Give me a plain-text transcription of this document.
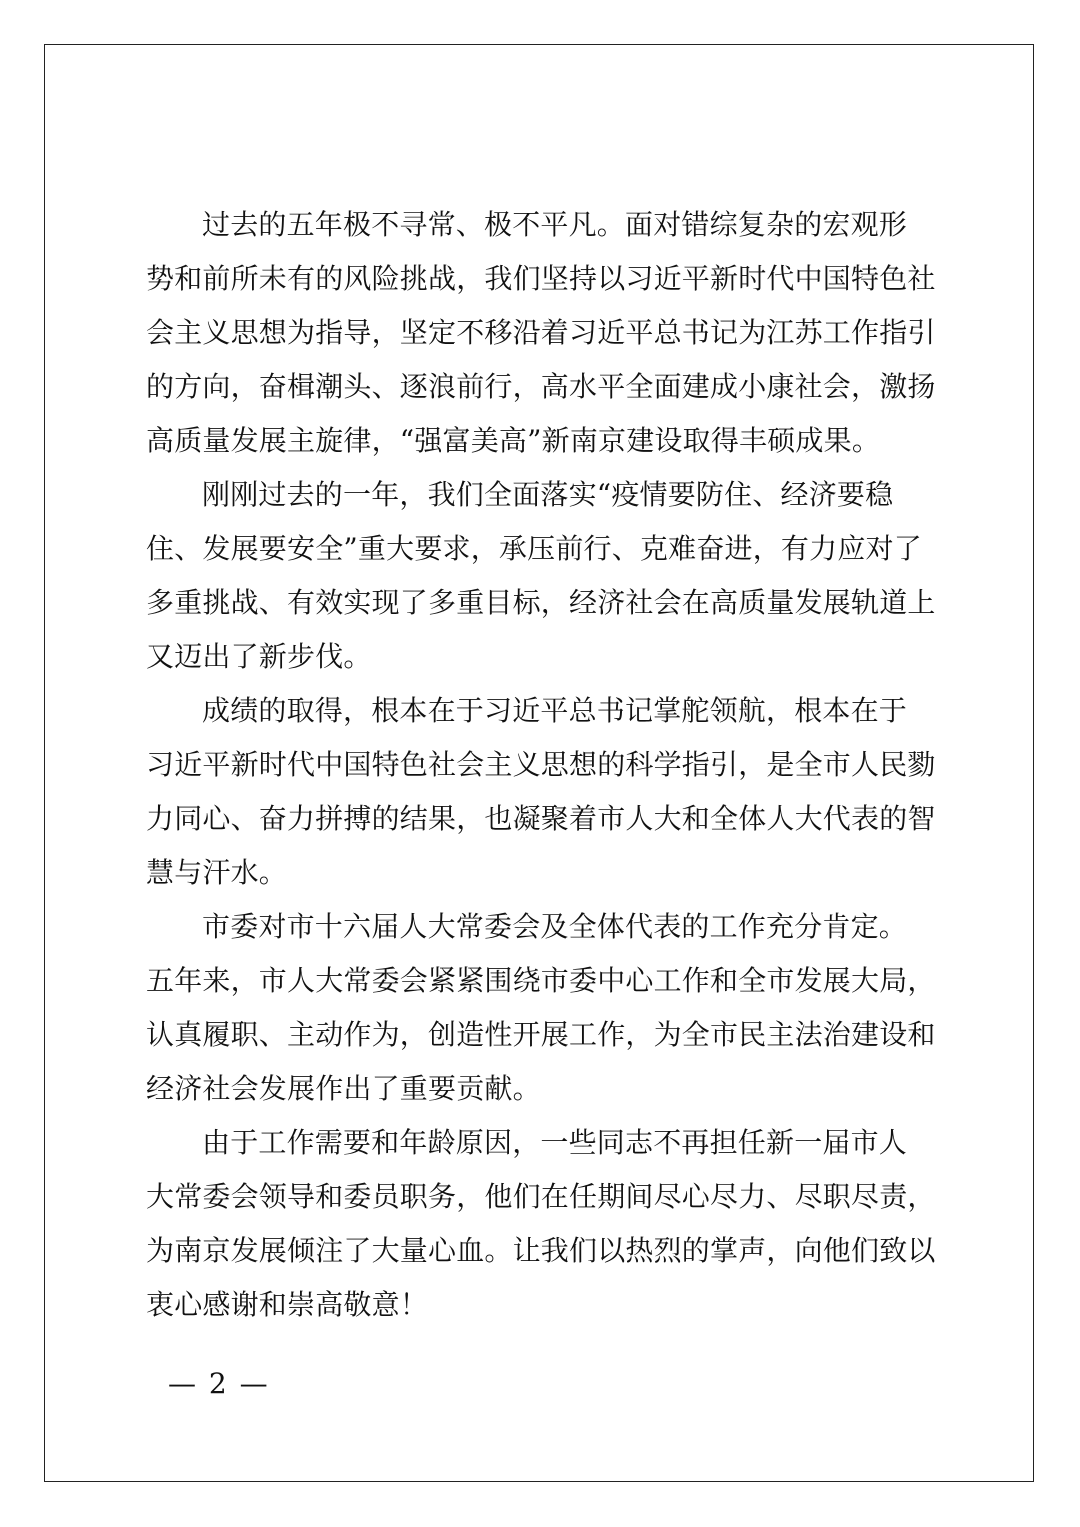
过去的五年极不寻常、极不平凡。面对错综复杂的宏观形
势和前所未有的风险挑战，我们坚持以习近平新时代中国特色社
会主义思想为指导，坚定不移沿着习近平总书记为江苏工作指引
的方向，奋楫潮头、逐浪前行，高水平全面建成小康社会，激扬
高质量发展主旋律，“强富美高”新南京建设取得丰硕成果。
刚刚过去的一年，我们全面落实“疫情要防住、经济要稳
住、发展要安全”重大要求，承压前行、克难奋进，有力应对了
多重挑战、有效实现了多重目标，经济社会在高质量发展轨道上
又迈出了新步伐。
成绩的取得，根本在于习近平总书记掌舵领航，根本在于
习近平新时代中国特色社会主义思想的科学指引，是全市人民勠
力同心、奋力拼搏的结果，也凝聚着市人大和全体人大代表的智
慧与汗水。
市委对市十六届人大常委会及全体代表的工作充分肯定。
五年来，市人大常委会紧紧围绕市委中心工作和全市发展大局，
认真履职、主动作为，创造性开展工作，为全市民主法治建设和
经济社会发展作出了重要贡献。
由于工作需要和年龄原因，一些同志不再担任新一届市人
大常委会领导和委员职务，他们在任期间尽心尽力、尽职尽责，
为南京发展倾注了大量心血。让我们以热烈的掌声，向他们致以
衷心感谢和崇高敬意！
— 2 —
